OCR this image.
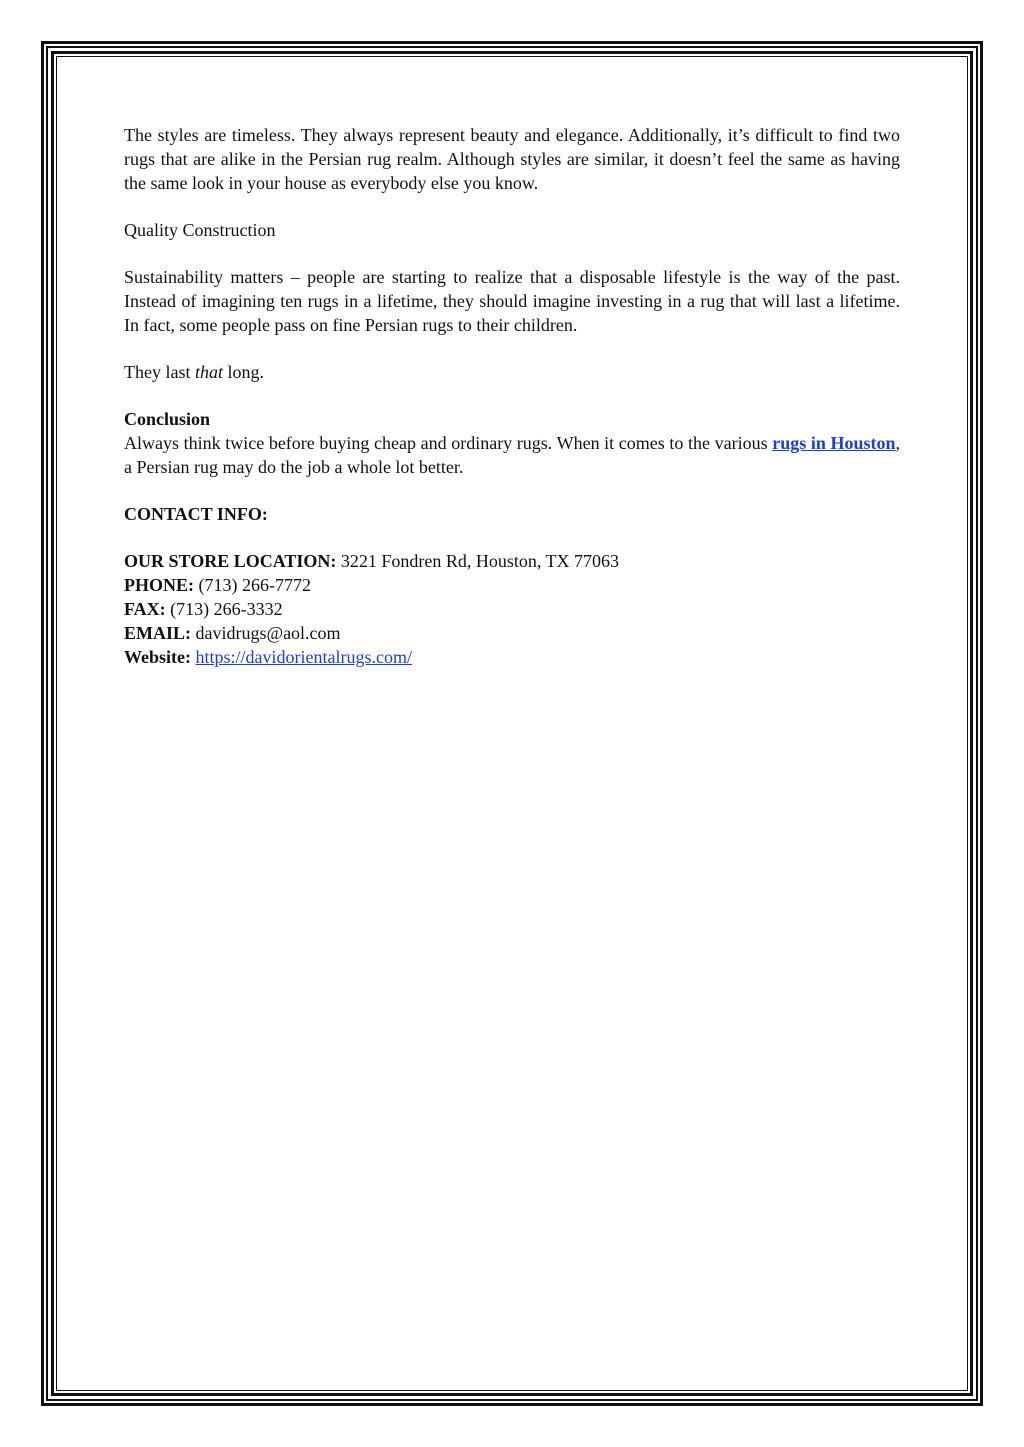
The styles are timeless. They always represent beauty and elegance. Additionally, it’s difficult to find two rugs that are alike in the Persian rug realm. Although styles are similar, it doesn’t feel the same as having the same look in your house as everybody else you know.

Quality Construction

Sustainability matters – people are starting to realize that a disposable lifestyle is the way of the past. Instead of imagining ten rugs in a lifetime, they should imagine investing in a rug that will last a lifetime. In fact, some people pass on fine Persian rugs to their children.

They last that long.

Conclusion

Always think twice before buying cheap and ordinary rugs. When it comes to the various rugs in Houston, a Persian rug may do the job a whole lot better.

CONTACT INFO:

OUR STORE LOCATION: 3221 Fondren Rd, Houston, TX 77063

PHONE: (713) 266-7772

FAX: (713) 266-3332

EMAIL: davidrugs@aol.com

Website: https://davidorientalrugs.com/
